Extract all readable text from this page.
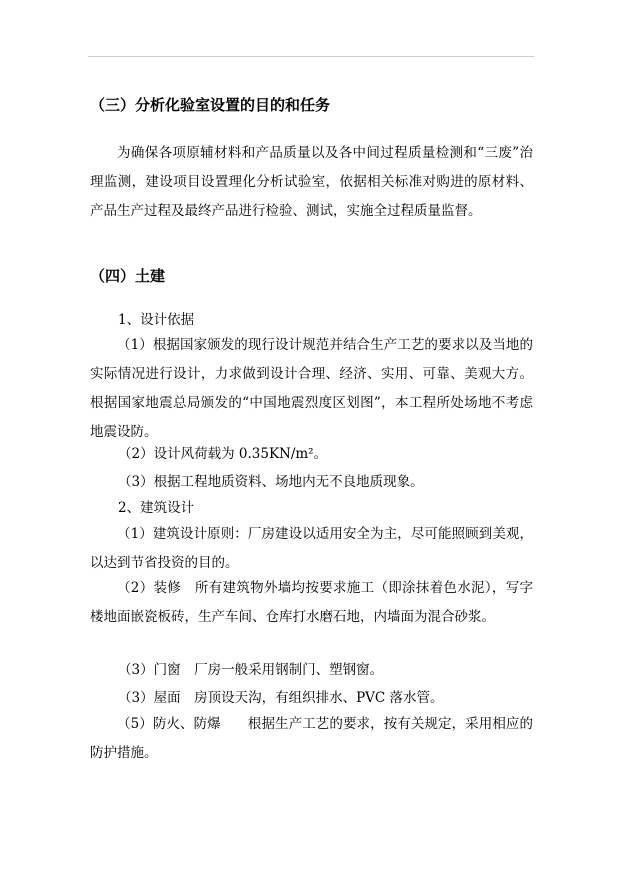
（三）分析化验室设置的目的和任务

为确保各项原辅材料和产品质量以及各中间过程质量检测和“三废”治理监测，建设项目设置理化分析试验室，依据相关标准对购进的原材料、产品生产过程及最终产品进行检验、测试，实施全过程质量监督。

（四）土建
1、设计依据

（1）根据国家颁发的现行设计规范并结合生产工艺的要求以及当地的实际情况进行设计，力求做到设计合理、经济、实用、可靠、美观大方。根据国家地震总局颁发的“中国地震烈度区划图”，本工程所处场地不考虑地震设防。

（2）设计风荷载为 0.35KN/m²。
（3）根据工程地质资料、场地内无不良地质现象。
2、建筑设计

（1）建筑设计原则：厂房建设以适用安全为主，尽可能照顾到美观，以达到节省投资的目的。

（2）装修　所有建筑物外墙均按要求施工（即涂抹着色水泥），写字楼地面嵌瓷板砖，生产车间、仓库打水磨石地，内墙面为混合砂浆。

（3）门窗　厂房一般采用钢制门、塑钢窗。
（3）屋面　房顶设天沟，有组织排水、PVC 落水管。

（5）防火、防爆　　根据生产工艺的要求，按有关规定，采用相应的防护措施。
